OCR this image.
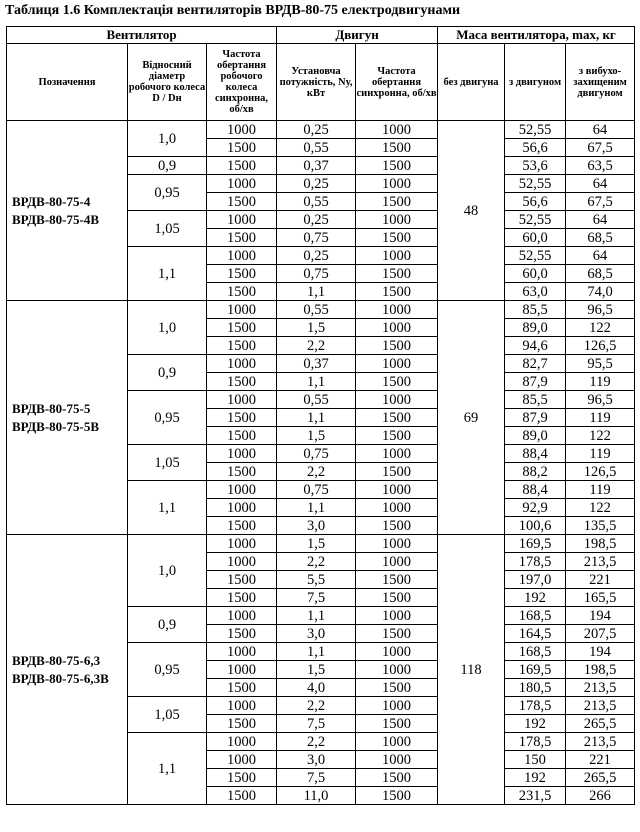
Таблиця 1.6 Комплектація вентиляторів ВРДВ-80-75 електродвигунами
Вентилятор			Двигун		Маса вентилятора, max, кг		
Позначення	Відносний діаметр робочого колеса D / Dн	Частота обертання робочого колеса синхронна, об/хв	Установча потужність, Nу, кВт	Частота обертання синхронна, об/хв	без двигуна	з двигуном	з вибухо-захищеним двигуном

ВРДВ-80-75-4
ВРДВ-80-75-4В	1,0	1000	0,25	1000	48	52,55	64
		1500	0,55	1500		56,6	67,5
	0,9	1500	0,37	1500		53,6	63,5
	0,95	1000	0,25	1000		52,55	64
		1500	0,55	1500		56,6	67,5
	1,05	1000	0,25	1000		52,55	64
		1500	0,75	1500		60,0	68,5
	1,1	1000	0,25	1000		52,55	64
		1500	0,75	1500		60,0	68,5
		1500	1,1	1500		63,0	74,0

ВРДВ-80-75-5
ВРДВ-80-75-5В	1,0	1000	0,55	1000	69	85,5	96,5
		1500	1,5	1000		89,0	122
		1500	2,2	1500		94,6	126,5
	0,9	1000	0,37	1000		82,7	95,5
		1500	1,1	1500		87,9	119
	0,95	1000	0,55	1000		85,5	96,5
		1500	1,1	1500		87,9	119
		1500	1,5	1500		89,0	122
	1,05	1000	0,75	1000		88,4	119
		1500	2,2	1500		88,2	126,5
	1,1	1000	0,75	1000		88,4	119
		1000	1,1	1000		92,9	122
		1500	3,0	1500		100,6	135,5

ВРДВ-80-75-6,3
ВРДВ-80-75-6,3В	1,0	1000	1,5	1000	118	169,5	198,5
		1000	2,2	1000		178,5	213,5
		1500	5,5	1500		197,0	221
		1500	7,5	1500		192	165,5
	0,9	1000	1,1	1000		168,5	194
		1500	3,0	1500		164,5	207,5
	0,95	1000	1,1	1000		168,5	194
		1000	1,5	1000		169,5	198,5
		1500	4,0	1500		180,5	213,5
	1,05	1000	2,2	1000		178,5	213,5
		1500	7,5	1500		192	265,5
	1,1	1000	2,2	1000		178,5	213,5
		1000	3,0	1000		150	221
		1500	7,5	1500		192	265,5
		1500	11,0	1500		231,5	266
